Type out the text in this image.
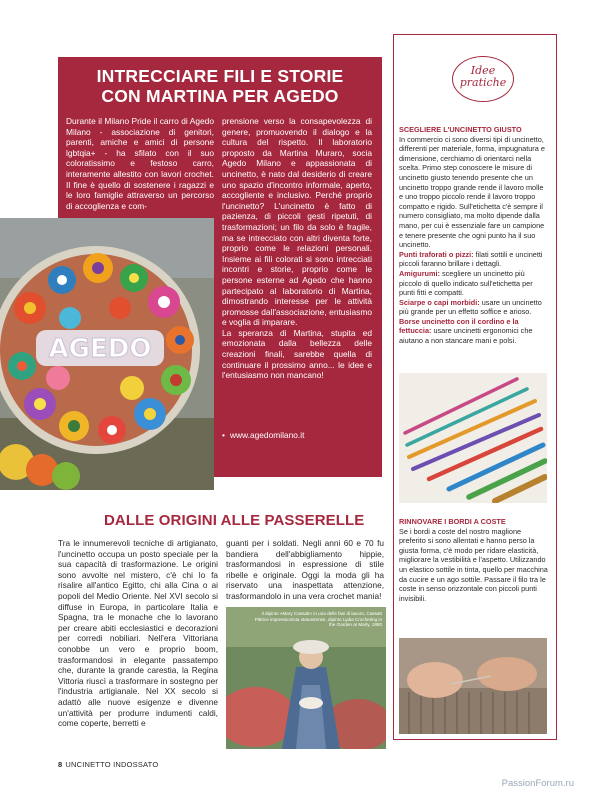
INTRECCIARE FILI E STORIE
CON MARTINA PER AGEDO

Durante il Milano Pride il carro di Agedo Milano - associazione di genitori, parenti, amiche e amici di persone lgbtqia+ - ha sfilato con il suo coloratissimo e festoso carro, interamente allestito con lavori crochet. Il fine è quello di sostenere i ragazzi e le loro famiglie attraverso un percorso di accoglienza e com-

prensione verso la consapevolezza di genere, promuovendo il dialogo e la cultura del rispetto. Il laboratorio proposto da Martina Muraro, socia Agedo Milano e appassionata di uncinetto, è nato dal desiderio di creare uno spazio d'incontro informale, aperto, accogliente e inclusivo. Perché proprio l'uncinetto? L'uncinetto è fatto di pazienza, di piccoli gesti ripetuti, di trasformazioni; un filo da solo è fragile, ma se intrecciato con altri diventa forte, proprio come le relazioni personali. Insieme ai fili colorati si sono intrecciati incontri e storie, proprio come le persone esterne ad Agedo che hanno partecipato al laboratorio di Martina, dimostrando interesse per le attività promosse dall'associazione, entusiasmo e voglia di imparare.

La speranza di Martina, stupita ed emozionata dalla bellezza delle creazioni finali, sarebbe quella di continuare il prossimo anno... le idee e l'entusiasmo non mancano!

• www.agedomilano.it
AGEDO
Idee
pratiche
SCEGLIERE L'UNCINETTO GIUSTO
In commercio ci sono diversi tipi di uncinetto, differenti per materiale, forma, impugnatura e dimensione, cerchiamo di orientarci nella scelta. Primo step conoscere le misure di uncinetto giusto tenendo presente che un uncinetto troppo grande rende il lavoro molle e uno troppo piccolo rende il lavoro troppo compatto e rigido. Sull'etichetta c'è sempre il numero consigliato, ma molto dipende dalla mano, per cui è essenziale fare un campione e tenere presente che ogni punto ha il suo uncinetto.
Punti traforati o pizzi: filati sottili e uncinetti piccoli faranno brillare i dettagli.
Amigurumi: scegliere un uncinetto più piccolo di quello indicato sull'etichetta per punti fitti e compatti.
Sciarpe o capi morbidi: usare un uncinetto più grande per un effetto soffice e arioso.
Borse uncinetto con il cordino e la fettuccia: usare uncinetti ergonomici che aiutano a non stancare mani e polsi.
RINNOVARE I BORDI A COSTE
Se i bordi a coste del nostro maglione preferito si sono allentati e hanno perso la giusta forma, c'è modo per ridare elasticità, migliorare la vestibilità e l'aspetto. Utilizzando un elastico sottile in tinta, quello per macchina da cucire e un ago sottile. Passare il filo tra le coste in senso orizzontale con piccoli punti invisibili.
DALLE ORIGINI ALLE PASSERELLE

Tra le innumerevoli tecniche di artigianato, l'uncinetto occupa un posto speciale per la sua capacità di trasformazione. Le origini sono avvolte nel mistero, c'è chi lo fa risalire all'antico Egitto, chi alla Cina o ai popoli del Medio Oriente. Nel XVI secolo si diffuse in Europa, in particolare Italia e Spagna, tra le monache che lo lavorano per creare abiti ecclesiastici e decorazioni per corredi nobiliari. Nell'era Vittoriana conobbe un vero e proprio boom, trasformandosi in elegante passatempo che, durante la grande carestia, la Regina Vittoria riuscì a trasformare in sostegno per l'industria artigianale. Nel XX secolo si adattò alle nuove esigenze e divenne un'attività per produrre indumenti caldi, come coperte, berretti e

guanti per i soldati. Negli anni 60 e 70 fu bandiera dell'abbigliamento hippie, trasformandosi in espressione di stile ribelle e originale. Oggi la moda gli ha riservato una inaspettata attenzione, trasformandolo in una vera crochet mania!

Il dipinto «Mary Cassatt» in una delle fasi di lavoro, Cassatt Pittrice impressionista statunitense, dipinto Lydia Crocheting in the Garden at Marly, 1880
8 UNCINETTO INDOSSATO
PassionForum.ru
